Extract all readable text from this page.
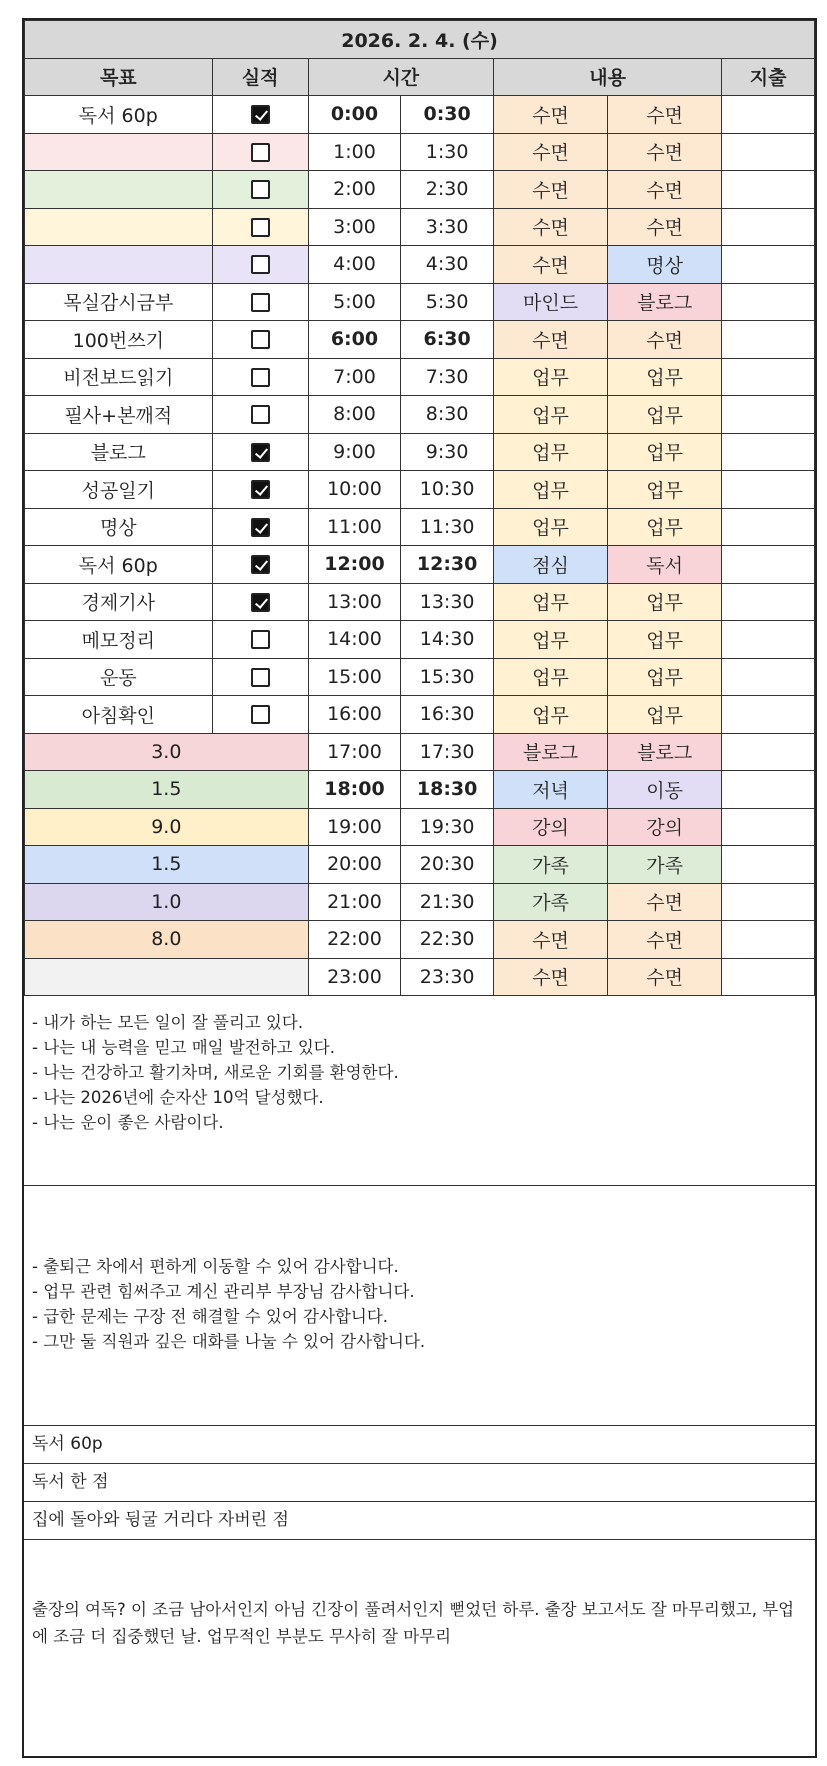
2026. 2. 4. (수)						
목표	실적	시간		내용		지출
독서 60p		0:00	0:30	수면	수면	
		1:00	1:30	수면	수면	
		2:00	2:30	수면	수면	
		3:00	3:30	수면	수면	
		4:00	4:30	수면	명상	
목실감시금부		5:00	5:30	마인드	블로그	
100번쓰기		6:00	6:30	수면	수면	
비전보드읽기		7:00	7:30	업무	업무	
필사+본깨적		8:00	8:30	업무	업무	
블로그		9:00	9:30	업무	업무	
성공일기		10:00	10:30	업무	업무	
명상		11:00	11:30	업무	업무	
독서 60p		12:00	12:30	점심	독서	
경제기사		13:00	13:30	업무	업무	
메모정리		14:00	14:30	업무	업무	
운동		15:00	15:30	업무	업무	
아침확인		16:00	16:30	업무	업무	
3.0		17:00	17:30	블로그	블로그	
1.5		18:00	18:30	저녁	이동	
9.0		19:00	19:30	강의	강의	
1.5		20:00	20:30	가족	가족	
1.0		21:00	21:30	가족	수면	
8.0		22:00	22:30	수면	수면	
		23:00	23:30	수면	수면	

- 내가 하는 모든 일이 잘 풀리고 있다.

- 나는 내 능력을 믿고 매일 발전하고 있다.

- 나는 건강하고 활기차며, 새로운 기회를 환영한다.

- 나는 2026년에 순자산 10억 달성했다.

- 나는 운이 좋은 사람이다.

- 출퇴근 차에서 편하게 이동할 수 있어 감사합니다.

- 업무 관련 힘써주고 계신 관리부 부장님 감사합니다.

- 급한 문제는 구장 전 해결할 수 있어 감사합니다.

- 그만 둘 직원과 깊은 대화를 나눌 수 있어 감사합니다.

독서 60p
독서 한 점
집에 돌아와 뒹굴 거리다 자버린 점

출장의 여독? 이 조금 남아서인지 아님 긴장이 풀려서인지 뻗었던 하루. 출장 보고서도 잘 마무리했고, 부업에 조금 더 집중했던 날. 업무적인 부분도 무사히 잘 마무리
